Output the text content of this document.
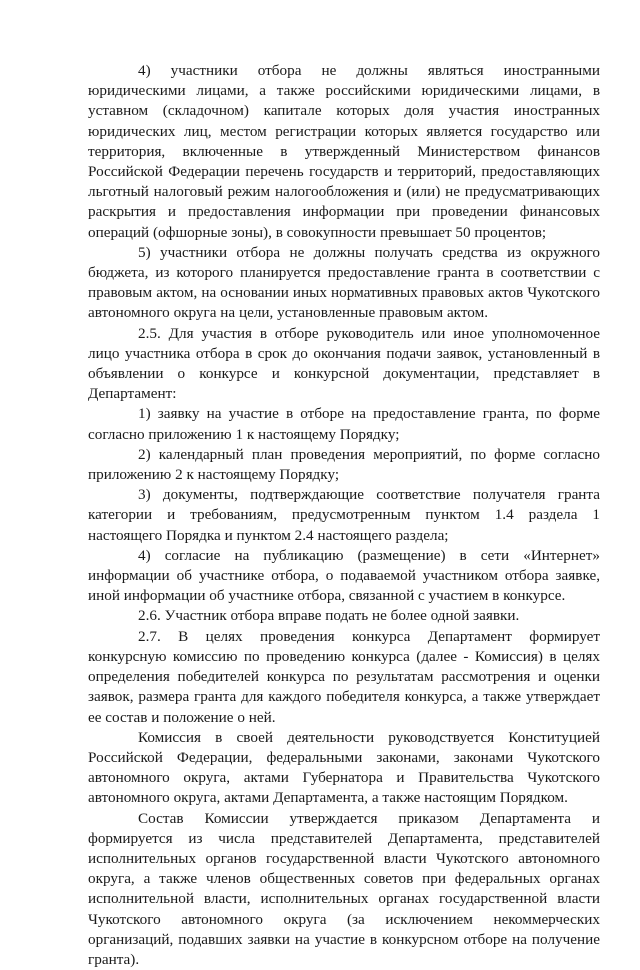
4) участники отбора не должны являться иностранными юридическими лицами, а также российскими юридическими лицами, в уставном (складочном) капитале которых доля участия иностранных юридических лиц, местом регистрации которых является государство или территория, включенные в утвержденный Министерством финансов Российской Федерации перечень государств и территорий, предоставляющих льготный налоговый режим налогообложения и (или) не предусматривающих раскрытия и предоставления информации при проведении финансовых операций (офшорные зоны), в совокупности превышает 50 процентов;

5) участники отбора не должны получать средства из окружного бюджета, из которого планируется предоставление гранта в соответствии с правовым актом, на основании иных нормативных правовых актов Чукотского автономного округа на цели, установленные правовым актом.

2.5. Для участия в отборе руководитель или иное уполномоченное лицо участника отбора в срок до окончания подачи заявок, установленный в объявлении о конкурсе и конкурсной документации, представляет в Департамент:

1) заявку на участие в отборе на предоставление гранта, по форме согласно приложению 1 к настоящему Порядку;

2) календарный план проведения мероприятий, по форме согласно приложению 2 к настоящему Порядку;

3) документы, подтверждающие соответствие получателя гранта категории и требованиям, предусмотренным пунктом 1.4 раздела 1 настоящего Порядка и пунктом 2.4 настоящего раздела;

4) согласие на публикацию (размещение) в сети «Интернет» информации об участнике отбора, о подаваемой участником отбора заявке, иной информации об участнике отбора, связанной с участием в конкурсе.

2.6. Участник отбора вправе подать не более одной заявки.

2.7. В целях проведения конкурса Департамент формирует конкурсную комиссию по проведению конкурса (далее - Комиссия) в целях определения победителей конкурса по результатам рассмотрения и оценки заявок, размера гранта для каждого победителя конкурса, а также утверждает ее состав и положение о ней.

Комиссия в своей деятельности руководствуется Конституцией Российской Федерации, федеральными законами, законами Чукотского автономного округа, актами Губернатора и Правительства Чукотского автономного округа, актами Департамента, а также настоящим Порядком.

Состав Комиссии утверждается приказом Департамента и формируется из числа представителей Департамента, представителей исполнительных органов государственной власти Чукотского автономного округа, а также членов общественных советов при федеральных органах исполнительной власти, исполнительных органах государственной власти Чукотского автономного округа (за исключением некоммерческих организаций, подавших заявки на участие в конкурсном отборе на получение гранта).
